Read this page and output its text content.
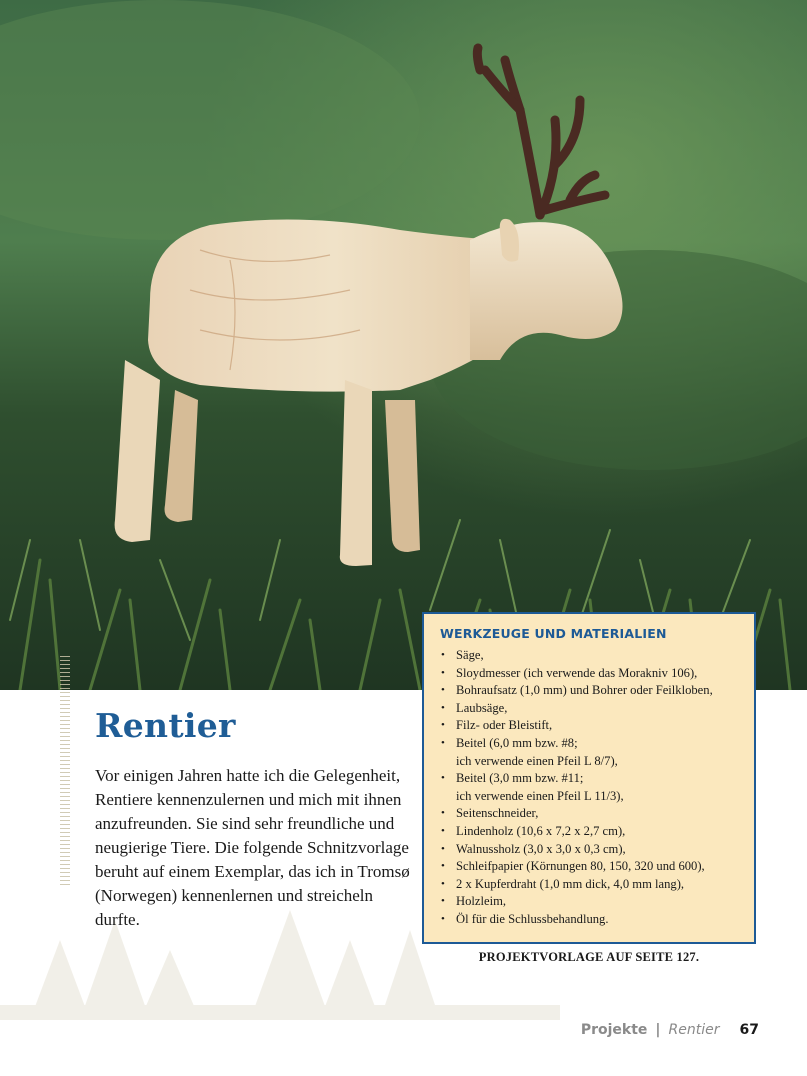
Rentier

Vor einigen Jahren hatte ich die Gelegenheit, Rentiere kennenzulernen und mich mit ihnen anzufreunden. Sie sind sehr freundliche und neugierige Tiere. Die folgende Schnitzvorlage beruht auf einem Exemplar, das ich in Tromsø (Norwegen) kennenlernen und streicheln durfte.

WERKZEUGE UND MATERIALIEN
• Säge,
• Sloydmesser (ich verwende das Morakniv 106),
• Bohraufsatz (1,0 mm) und Bohrer oder Feilkloben,
• Laubsäge,
• Filz- oder Bleistift,
• Beitel (6,0 mm bzw. #8;
ich verwende einen Pfeil L 8/7),
• Beitel (3,0 mm bzw. #11;
ich verwende einen Pfeil L 11/3),
• Seitenschneider,
• Lindenholz (10,6 x 7,2 x 2,7 cm),
• Walnussholz (3,0 x 3,0 x 0,3 cm),
• Schleifpapier (Körnungen 80, 150, 320 und 600),
• 2 x Kupferdraht (1,0 mm dick, 4,0 mm lang),
• Holzleim,
• Öl für die Schlussbehandlung.

PROJEKTVORLAGE AUF SEITE 127.

Projekte | Rentier 67
